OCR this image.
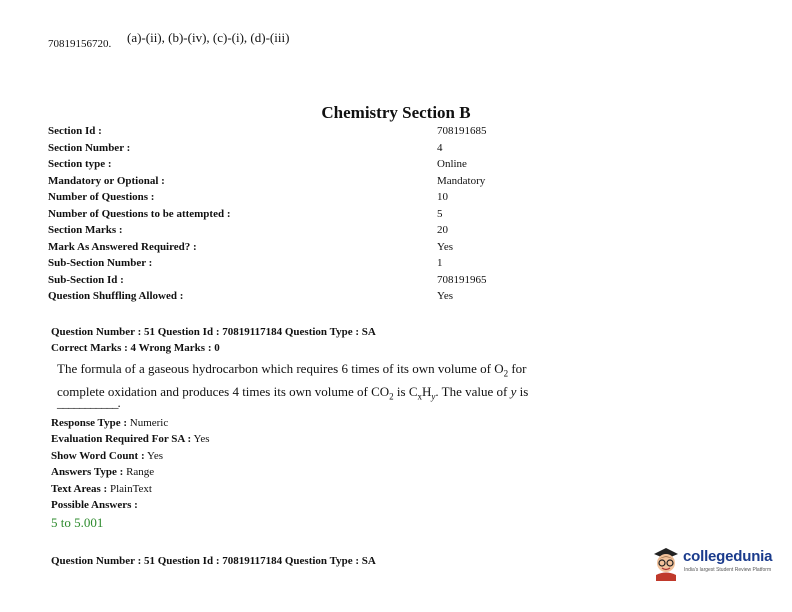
70819156720. (a)-(ii), (b)-(iv), (c)-(i), (d)-(iii)
Chemistry Section B
Section Id :	708191685
Section Number :	4
Section type :	Online
Mandatory or Optional :	Mandatory
Number of Questions :	10
Number of Questions to be attempted :	5
Section Marks :	20
Mark As Answered Required? :	Yes
Sub-Section Number :	1
Sub-Section Id :	708191965
Question Shuffling Allowed :	Yes
Question Number : 51 Question Id : 70819117184 Question Type : SA
Correct Marks : 4 Wrong Marks : 0
The formula of a gaseous hydrocarbon which requires 6 times of its own volume of $O_2$ for
complete oxidation and produces 4 times its own volume of $CO_2$ is $C_xH_y$. The value of y is
___________.
Response Type : Numeric
Evaluation Required For SA : Yes
Show Word Count : Yes
Answers Type : Range
Text Areas : PlainText
Possible Answers :
5 to 5.001
Question Number : 51 Question Id : 70819117184 Question Type : SA	collegedunia
India's largest Student Review Platform
